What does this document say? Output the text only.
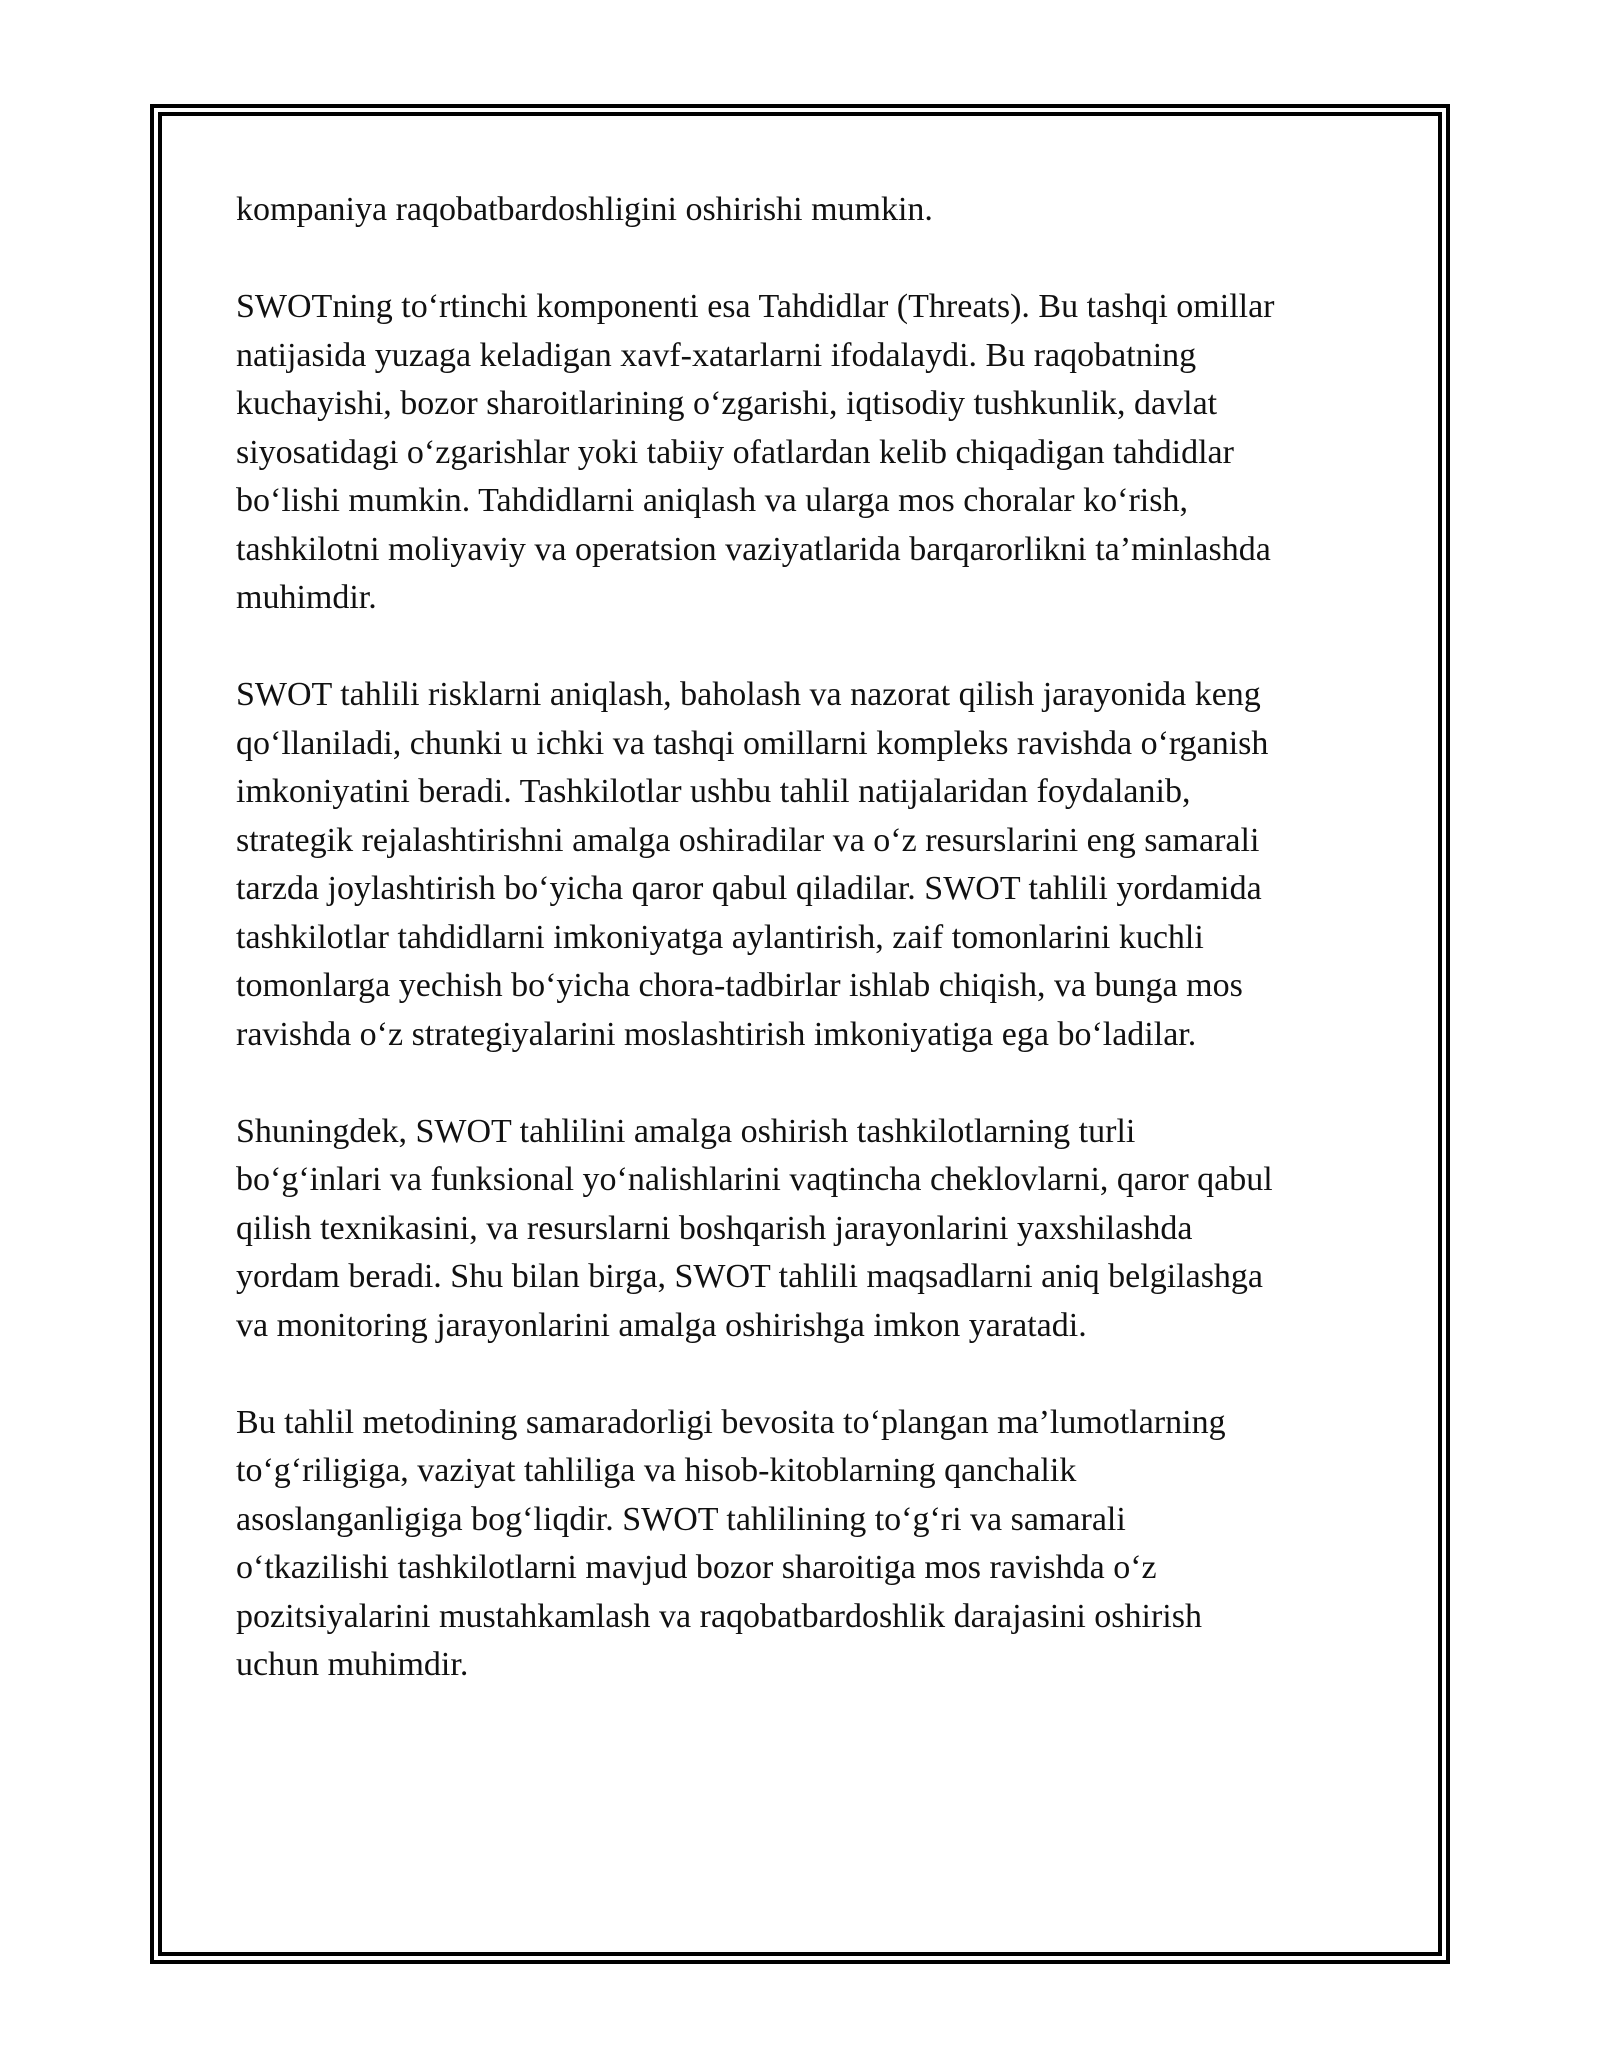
kompaniya raqobatbardoshligini oshirishi mumkin.

SWOTning to‘rtinchi komponenti esa Tahdidlar (Threats). Bu tashqi omillar
natijasida yuzaga keladigan xavf-xatarlarni ifodalaydi. Bu raqobatning
kuchayishi, bozor sharoitlarining o‘zgarishi, iqtisodiy tushkunlik, davlat
siyosatidagi o‘zgarishlar yoki tabiiy ofatlardan kelib chiqadigan tahdidlar
bo‘lishi mumkin. Tahdidlarni aniqlash va ularga mos choralar ko‘rish,
tashkilotni moliyaviy va operatsion vaziyatlarida barqarorlikni ta’minlashda
muhimdir.

SWOT tahlili risklarni aniqlash, baholash va nazorat qilish jarayonida keng
qo‘llaniladi, chunki u ichki va tashqi omillarni kompleks ravishda o‘rganish
imkoniyatini beradi. Tashkilotlar ushbu tahlil natijalaridan foydalanib,
strategik rejalashtirishni amalga oshiradilar va o‘z resurslarini eng samarali
tarzda joylashtirish bo‘yicha qaror qabul qiladilar. SWOT tahlili yordamida
tashkilotlar tahdidlarni imkoniyatga aylantirish, zaif tomonlarini kuchli
tomonlarga yechish bo‘yicha chora-tadbirlar ishlab chiqish, va bunga mos
ravishda o‘z strategiyalarini moslashtirish imkoniyatiga ega bo‘ladilar.

Shuningdek, SWOT tahlilini amalga oshirish tashkilotlarning turli
bo‘g‘inlari va funksional yo‘nalishlarini vaqtincha cheklovlarni, qaror qabul
qilish texnikasini, va resurslarni boshqarish jarayonlarini yaxshilashda
yordam beradi. Shu bilan birga, SWOT tahlili maqsadlarni aniq belgilashga
va monitoring jarayonlarini amalga oshirishga imkon yaratadi.

Bu tahlil metodining samaradorligi bevosita to‘plangan ma’lumotlarning
to‘g‘riligiga, vaziyat tahliliga va hisob-kitoblarning qanchalik
asoslanganligiga bog‘liqdir. SWOT tahlilining to‘g‘ri va samarali
o‘tkazilishi tashkilotlarni mavjud bozor sharoitiga mos ravishda o‘z
pozitsiyalarini mustahkamlash va raqobatbardoshlik darajasini oshirish
uchun muhimdir.
